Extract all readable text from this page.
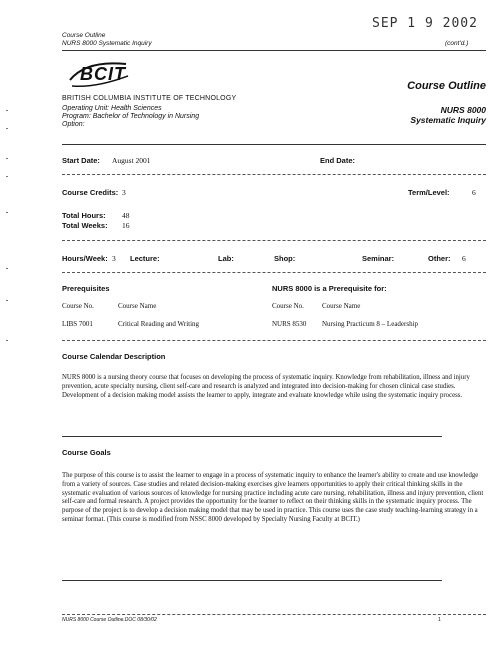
SEP 1 9 2002
Course Outline
NURS 8000 Systematic Inquiry	(cont'd.)
BCIT
BRITISH COLUMBIA INSTITUTE OF TECHNOLOGY
Operating Unit: Health Sciences
Program: Bachelor of Technology in Nursing
Option:
Course Outline
NURS 8000
Systematic Inquiry
Start Date: August 2001	End Date:
Course Credits: 3	Term/Level:	6
Total Hours: 48
Total Weeks: 16
Hours/Week: 3 Lecture:	Lab:	Shop:	Seminar:	Other: 6
Prerequisites	NURS 8000 is a Prerequisite for:
Course No.	Course Name	Course No.	Course Name
LIBS 7001	Critical Reading and Writing	NURS 8530 Nursing Practicum 8 – Leadership
Course Calendar Description
NURS 8000 is a nursing theory course that focuses on developing the process of systematic inquiry. Knowledge from rehabilitation, illness and injury prevention, acute specialty nursing, client self-care and research is analyzed and integrated into decision-making for chosen clinical case studies. Development of a decision making model assists the learner to apply, integrate and evaluate knowledge while using the systematic inquiry process.
Course Goals
The purpose of this course is to assist the learner to engage in a process of systematic inquiry to enhance the learner's ability to create and use knowledge from a variety of sources. Case studies and related decision-making exercises give learners opportunities to apply their critical thinking skills in the systematic evaluation of various sources of knowledge for nursing practice including acute care nursing, rehabilitation, illness and injury prevention, client self-care and formal research. A project provides the opportunity for the learner to reflect on their thinking skills in the systematic inquiry process. The purpose of the project is to develop a decision making model that may be used in practice. This course uses the case study teaching-learning strategy in a seminar format. (This course is modified from NSSC 8000 developed by Specialty Nursing Faculty at BCIT.)
NURS 8000 Course Outline.DOC 08/30/02	1
